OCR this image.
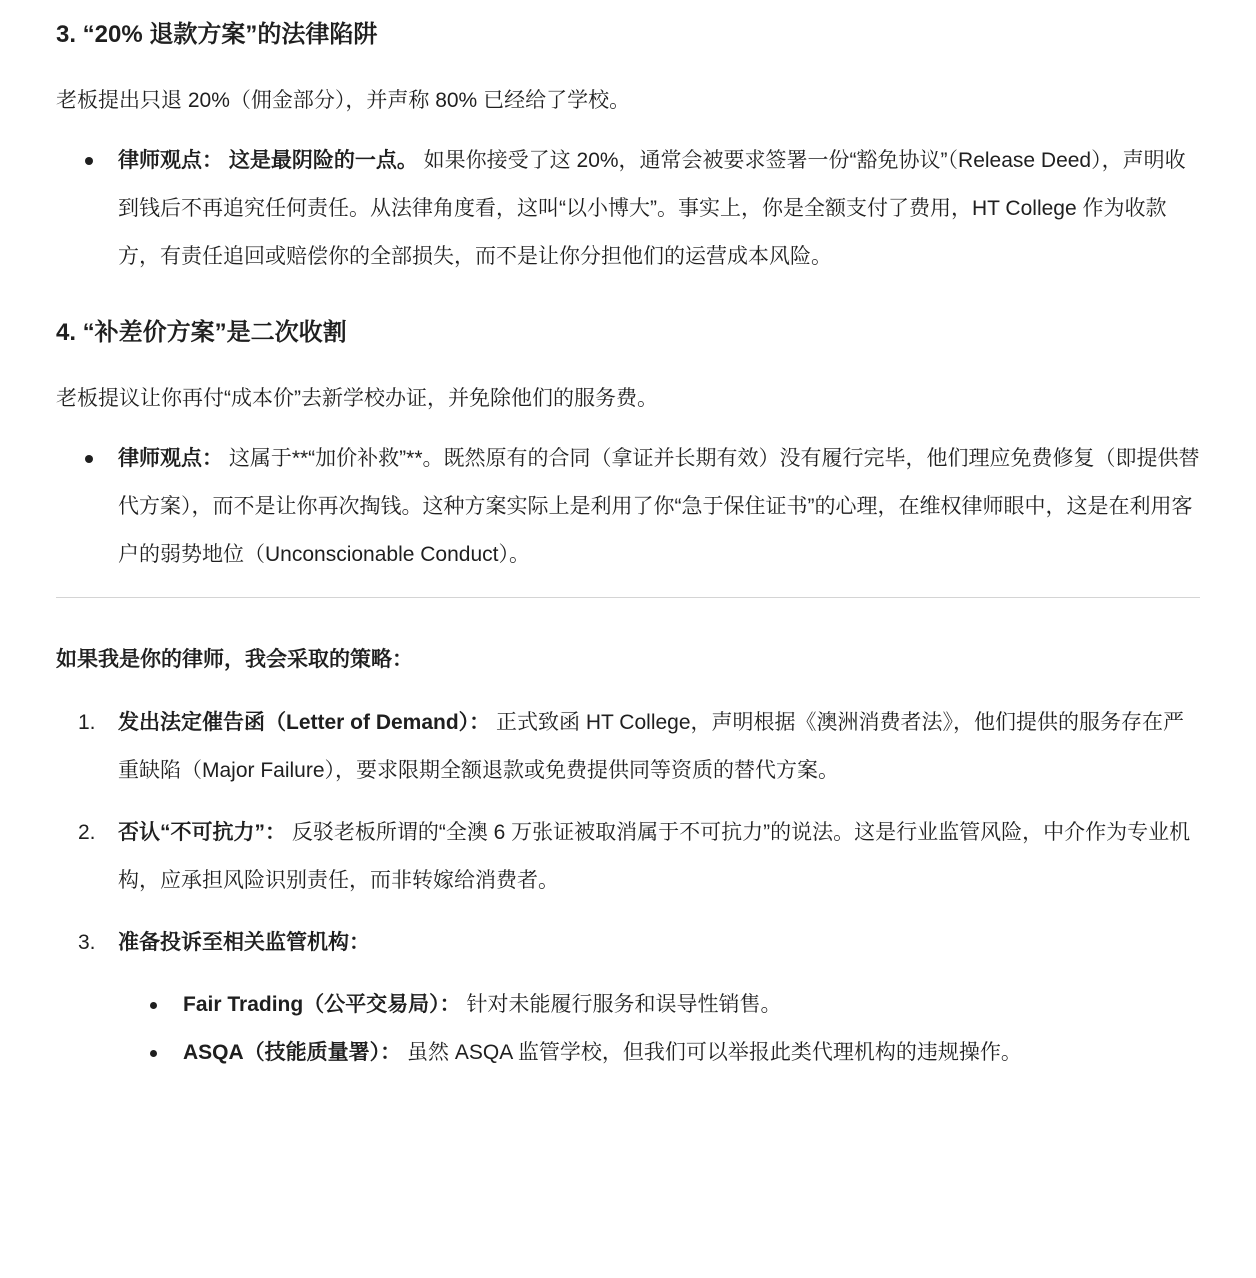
3. “20% 退款方案”的法律陷阱

老板提出只退 20%（佣金部分），并声称 80% 已经给了学校。

律师观点： 这是最阴险的一点。 如果你接受了这 20%，通常会被要求签署一份“豁免协议”（Release Deed），声明收到钱后不再追究任何责任。从法律角度看，这叫“以小博大”。事实上，你是全额支付了费用，HT College 作为收款方，有责任追回或赔偿你的全部损失，而不是让你分担他们的运营成本风险。
4. “补差价方案”是二次收割

老板提议让你再付“成本价”去新学校办证，并免除他们的服务费。

律师观点： 这属于**“加价补救”**。既然原有的合同（拿证并长期有效）没有履行完毕，他们理应免费修复（即提供替代方案），而不是让你再次掏钱。这种方案实际上是利用了你“急于保住证书”的心理，在维权律师眼中，这是在利用客户的弱势地位（Unconscionable Conduct）。

如果我是你的律师，我会采取的策略：

1. 发出法定催告函（Letter of Demand）： 正式致函 HT College，声明根据《澳洲消费者法》，他们提供的服务存在严重缺陷（Major Failure），要求限期全额退款或免费提供同等资质的替代方案。
2. 否认“不可抗力”： 反驳老板所谓的“全澳 6 万张证被取消属于不可抗力”的说法。这是行业监管风险，中介作为专业机构，应承担风险识别责任，而非转嫁给消费者。
3. 准备投诉至相关监管机构：
Fair Trading（公平交易局）： 针对未能履行服务和误导性销售。
ASQA（技能质量署）： 虽然 ASQA 监管学校，但我们可以举报此类代理机构的违规操作。
